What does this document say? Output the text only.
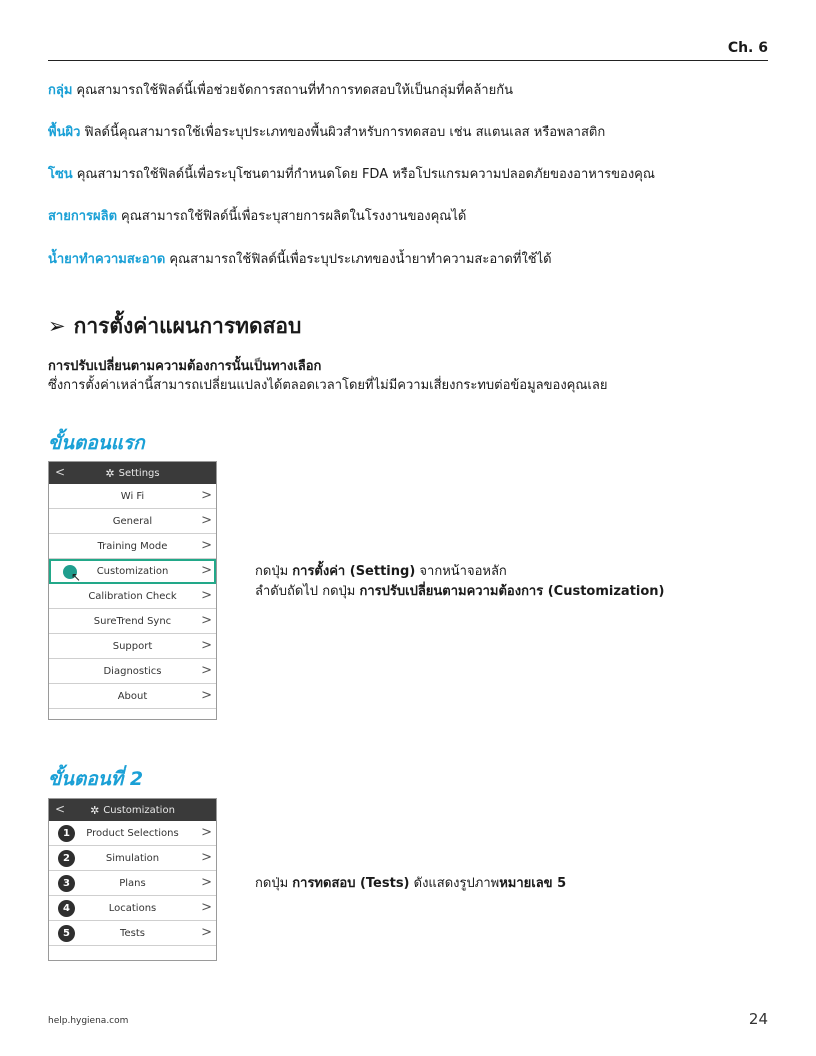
Ch. 6
กลุ่ม คุณสามารถใช้ฟิลด์นี้เพื่อช่วยจัดการสถานที่ทำการทดสอบให้เป็นกลุ่มที่คล้ายกัน
พื้นผิว ฟิลด์นี้คุณสามารถใช้เพื่อระบุประเภทของพื้นผิวสำหรับการทดสอบ เช่น สแตนเลส หรือพลาสติก
โซน คุณสามารถใช้ฟิลด์นี้เพื่อระบุโซนตามที่กำหนดโดย FDA หรือโปรแกรมความปลอดภัยของอาหารของคุณ
สายการผลิต คุณสามารถใช้ฟิลด์นี้เพื่อระบุสายการผลิตในโรงงานของคุณได้
น้ำยาทำความสะอาด คุณสามารถใช้ฟิลด์นี้เพื่อระบุประเภทของน้ำยาทำความสะอาดที่ใช้ได้
➢ การตั้งค่าแผนการทดสอบ
การปรับเปลี่ยนตามความต้องการนั้นเป็นทางเลือก
ซึ่งการตั้งค่าเหล่านี้สามารถเปลี่ยนแปลงได้ตลอดเวลาโดยที่ไม่มีความเสี่ยงกระทบต่อข้อมูลของคุณเลย
ขั้นตอนแรก
<	✲ Settings
Wi Fi	>
General	>
Training Mode	>
↖ Customization	>
Calibration Check >
SureTrend Sync >
Support	>
Diagnostics	>
About	>
กดปุ่ม การตั้งค่า (Setting) จากหน้าจอหลัก
ลำดับถัดไป กดปุ่ม การปรับเปลี่ยนตามความต้องการ (Customization)
ขั้นตอนที่ 2
< ✲ Customization
1	Product Selections >
2	Simulation	>
3	Plans	>
4	Locations	>
5	Tests	>
กดปุ่ม การทดสอบ (Tests) ดังแสดงรูปภาพหมายเลข 5
help.hygiena.com	24
